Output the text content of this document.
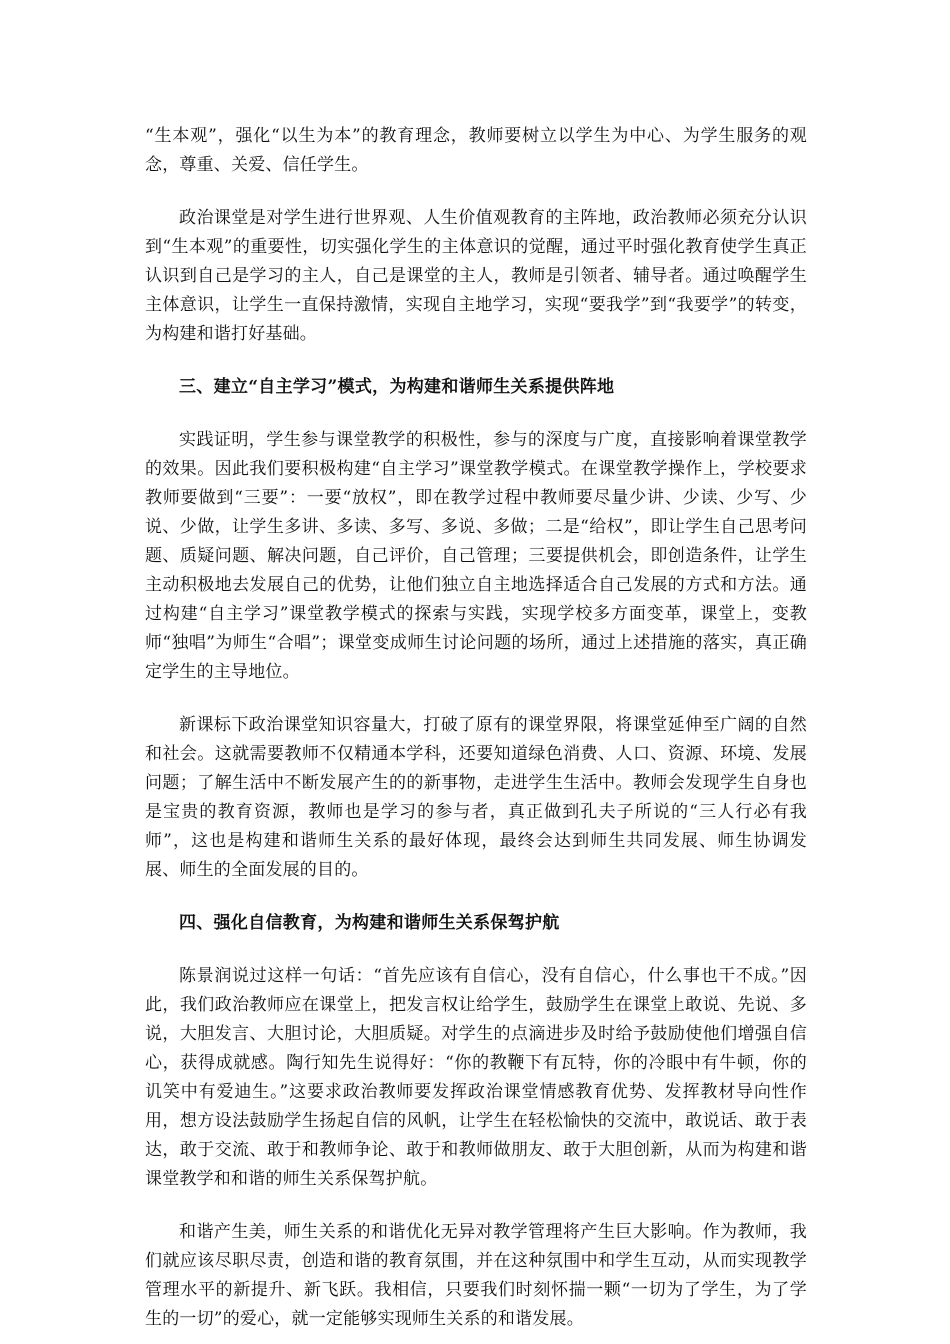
“生本观”，强化“以生为本”的教育理念，教师要树立以学生为中心、为学生服务的观念，尊重、关爱、信任学生。

政治课堂是对学生进行世界观、人生价值观教育的主阵地，政治教师必须充分认识到“生本观”的重要性，切实强化学生的主体意识的觉醒，通过平时强化教育使学生真正认识到自己是学习的主人，自己是课堂的主人，教师是引领者、辅导者。通过唤醒学生主体意识，让学生一直保持激情，实现自主地学习，实现“要我学”到“我要学”的转变，为构建和谐打好基础。

三、建立“自主学习”模式，为构建和谐师生关系提供阵地

实践证明，学生参与课堂教学的积极性，参与的深度与广度，直接影响着课堂教学的效果。因此我们要积极构建“自主学习”课堂教学模式。在课堂教学操作上，学校要求教师要做到“三要”：一要“放权”，即在教学过程中教师要尽量少讲、少读、少写、少说、少做，让学生多讲、多读、多写、多说、多做；二是“给权”，即让学生自己思考问题、质疑问题、解决问题，自己评价，自己管理；三要提供机会，即创造条件，让学生主动积极地去发展自己的优势，让他们独立自主地选择适合自己发展的方式和方法。通过构建“自主学习”课堂教学模式的探索与实践，实现学校多方面变革，课堂上，变教师“独唱”为师生“合唱”；课堂变成师生讨论问题的场所，通过上述措施的落实，真正确定学生的主导地位。

新课标下政治课堂知识容量大，打破了原有的课堂界限，将课堂延伸至广阔的自然和社会。这就需要教师不仅精通本学科，还要知道绿色消费、人口、资源、环境、发展问题；了解生活中不断发展产生的的新事物，走进学生生活中。教师会发现学生自身也是宝贵的教育资源，教师也是学习的参与者，真正做到孔夫子所说的“三人行必有我师”，这也是构建和谐师生关系的最好体现，最终会达到师生共同发展、师生协调发展、师生的全面发展的目的。

四、强化自信教育，为构建和谐师生关系保驾护航

陈景润说过这样一句话：“首先应该有自信心，没有自信心，什么事也干不成。”因此，我们政治教师应在课堂上，把发言权让给学生，鼓励学生在课堂上敢说、先说、多说，大胆发言、大胆讨论，大胆质疑。对学生的点滴进步及时给予鼓励使他们增强自信心，获得成就感。陶行知先生说得好：“你的教鞭下有瓦特，你的冷眼中有牛顿，你的讥笑中有爱迪生。”这要求政治教师要发挥政治课堂情感教育优势、发挥教材导向性作用，想方设法鼓励学生扬起自信的风帆，让学生在轻松愉快的交流中，敢说话、敢于表达，敢于交流、敢于和教师争论、敢于和教师做朋友、敢于大胆创新，从而为构建和谐课堂教学和和谐的师生关系保驾护航。

和谐产生美，师生关系的和谐优化无异对教学管理将产生巨大影响。作为教师，我们就应该尽职尽责，创造和谐的教育氛围，并在这种氛围中和学生互动，从而实现教学管理水平的新提升、新飞跃。我相信，只要我们时刻怀揣一颗“一切为了学生，为了学生的一切”的爱心，就一定能够实现师生关系的和谐发展。
